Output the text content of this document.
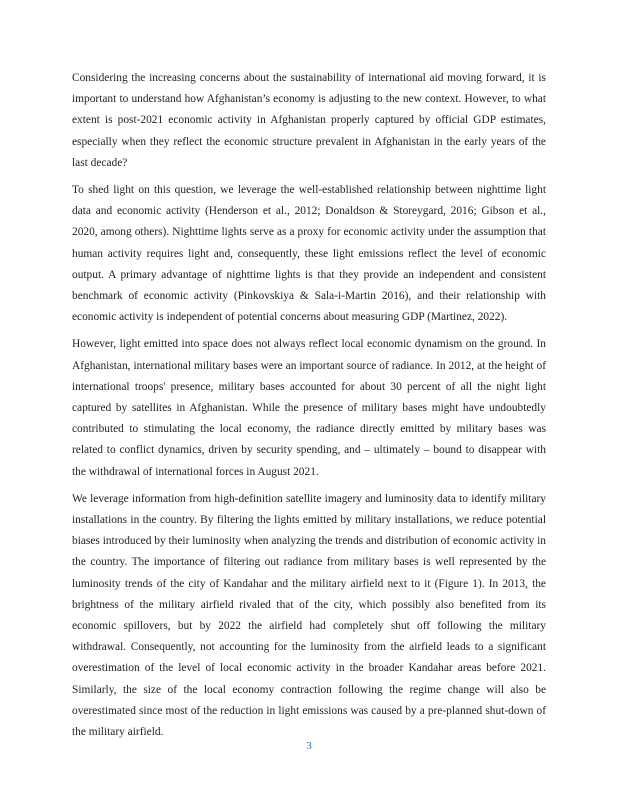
Considering the increasing concerns about the sustainability of international aid moving forward, it is important to understand how Afghanistan’s economy is adjusting to the new context. However, to what extent is post-2021 economic activity in Afghanistan properly captured by official GDP estimates, especially when they reflect the economic structure prevalent in Afghanistan in the early years of the last decade?

To shed light on this question, we leverage the well-established relationship between nighttime light data and economic activity (Henderson et al., 2012; Donaldson & Storeygard, 2016; Gibson et al., 2020, among others). Nighttime lights serve as a proxy for economic activity under the assumption that human activity requires light and, consequently, these light emissions reflect the level of economic output. A primary advantage of nighttime lights is that they provide an independent and consistent benchmark of economic activity (Pinkovskiya & Sala-i-Martin 2016), and their relationship with economic activity is independent of potential concerns about measuring GDP (Martinez, 2022).

However, light emitted into space does not always reflect local economic dynamism on the ground. In Afghanistan, international military bases were an important source of radiance. In 2012, at the height of international troops' presence, military bases accounted for about 30 percent of all the night light captured by satellites in Afghanistan. While the presence of military bases might have undoubtedly contributed to stimulating the local economy, the radiance directly emitted by military bases was related to conflict dynamics, driven by security spending, and – ultimately – bound to disappear with the withdrawal of international forces in August 2021.

We leverage information from high-definition satellite imagery and luminosity data to identify military installations in the country. By filtering the lights emitted by military installations, we reduce potential biases introduced by their luminosity when analyzing the trends and distribution of economic activity in the country. The importance of filtering out radiance from military bases is well represented by the luminosity trends of the city of Kandahar and the military airfield next to it (Figure 1). In 2013, the brightness of the military airfield rivaled that of the city, which possibly also benefited from its economic spillovers, but by 2022 the airfield had completely shut off following the military withdrawal. Consequently, not accounting for the luminosity from the airfield leads to a significant overestimation of the level of local economic activity in the broader Kandahar areas before 2021. Similarly, the size of the local economy contraction following the regime change will also be overestimated since most of the reduction in light emissions was caused by a pre-planned shut-down of the military airfield.

3
